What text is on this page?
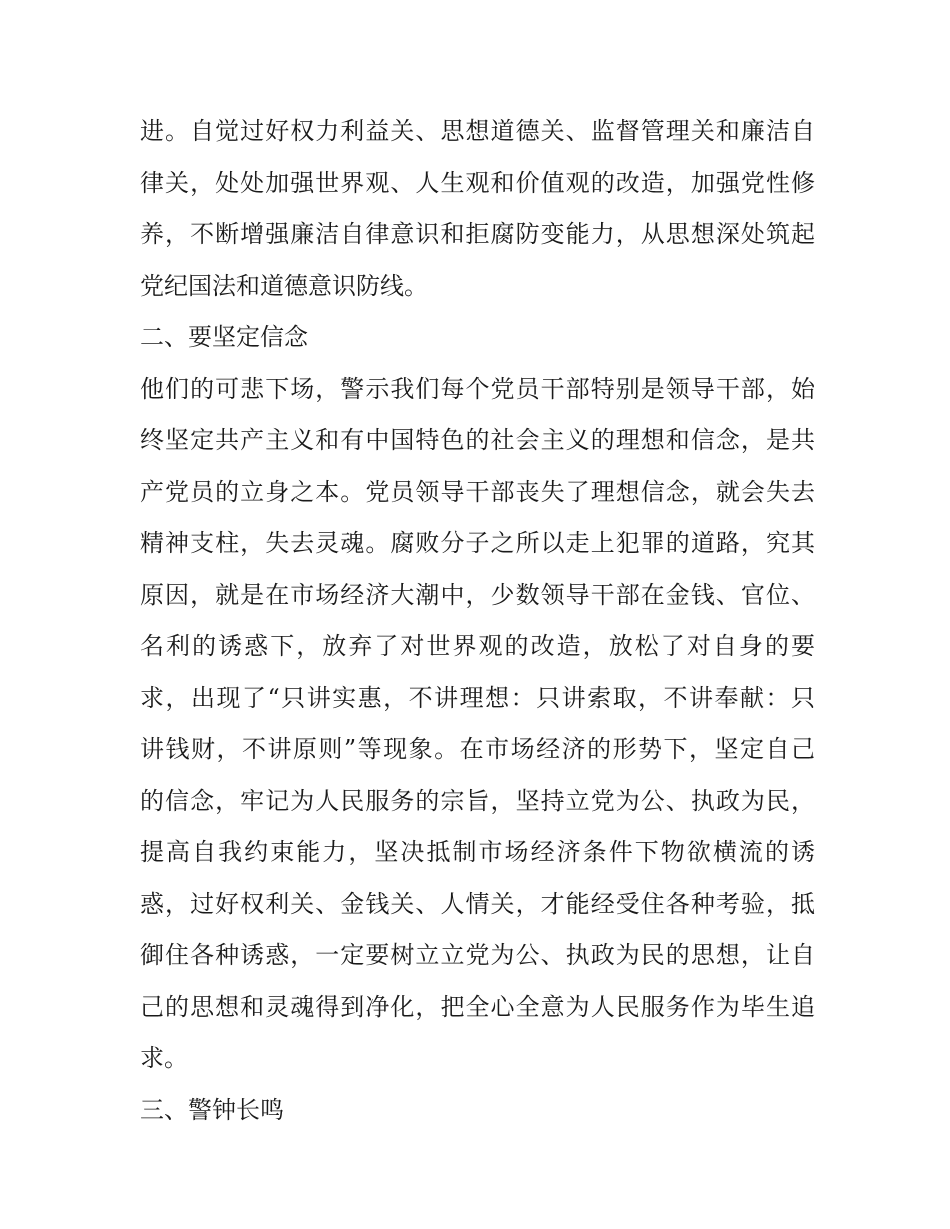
进。自觉过好权力利益关、思想道德关、监督管理关和廉洁自
律关，处处加强世界观、人生观和价值观的改造，加强党性修
养，不断增强廉洁自律意识和拒腐防变能力，从思想深处筑起
党纪国法和道德意识防线。
二、要坚定信念
他们的可悲下场，警示我们每个党员干部特别是领导干部，始
终坚定共产主义和有中国特色的社会主义的理想和信念，是共
产党员的立身之本。党员领导干部丧失了理想信念，就会失去
精神支柱，失去灵魂。腐败分子之所以走上犯罪的道路，究其
原因，就是在市场经济大潮中，少数领导干部在金钱、官位、
名利的诱惑下，放弃了对世界观的改造，放松了对自身的要
求，出现了“只讲实惠，不讲理想：只讲索取，不讲奉献：只
讲钱财，不讲原则”等现象。在市场经济的形势下，坚定自己
的信念，牢记为人民服务的宗旨，坚持立党为公、执政为民，
提高自我约束能力，坚决抵制市场经济条件下物欲横流的诱
惑，过好权利关、金钱关、人情关，才能经受住各种考验，抵
御住各种诱惑，一定要树立立党为公、执政为民的思想，让自
己的思想和灵魂得到净化，把全心全意为人民服务作为毕生追
求。
三、警钟长鸣
